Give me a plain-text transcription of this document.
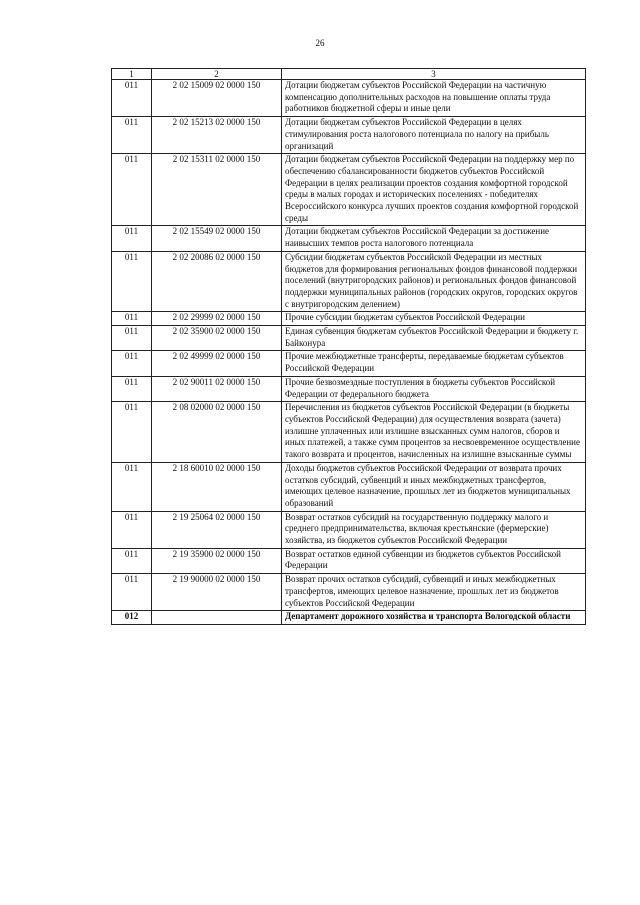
26
1	2	3
011	2 02 15009 02 0000 150	Дотации бюджетам субъектов Российской Федерации на частичную компенсацию дополнительных расходов на повышение оплаты труда работников бюджетной сферы и иные цели
011	2 02 15213 02 0000 150	Дотации бюджетам субъектов Российской Федерации в целях стимулирования роста налогового потенциала по налогу на прибыль организаций
011	2 02 15311 02 0000 150	Дотации бюджетам субъектов Российской Федерации на поддержку мер по обеспечению сбалансированности бюджетов субъектов Российской Федерации в целях реализации проектов создания комфортной городской среды в малых городах и исторических поселениях - победителях Всероссийского конкурса лучших проектов создания комфортной городской среды
011	2 02 15549 02 0000 150	Дотации бюджетам субъектов Российской Федерации за достижение наивысших темпов роста налогового потенциала
011	2 02 20086 02 0000 150	Субсидии бюджетам субъектов Российской Федерации из местных бюджетов для формирования региональных фондов финансовой поддержки поселений (внутригородских районов) и региональных фондов финансовой поддержки муниципальных районов (городских округов, городских округов с внутригородским делением)
011	2 02 29999 02 0000 150	Прочие субсидии бюджетам субъектов Российской Федерации
011	2 02 35900 02 0000 150	Единая субвенция бюджетам субъектов Российской Федерации и бюджету г. Байконура
011	2 02 49999 02 0000 150	Прочие межбюджетные трансферты, передаваемые бюджетам субъектов Российской Федерации
011	2 02 90011 02 0000 150	Прочие безвозмездные поступления в бюджеты субъектов Российской Федерации от федерального бюджета
011	2 08 02000 02 0000 150	Перечисления из бюджетов субъектов Российской Федерации (в бюджеты субъектов Российской Федерации) для осуществления возврата (зачета) излишне уплаченных или излишне взысканных сумм налогов, сборов и иных платежей, а также сумм процентов за несвоевременное осуществление такого возврата и процентов, начисленных на излишне взысканные суммы
011	2 18 60010 02 0000 150	Доходы бюджетов субъектов Российской Федерации от возврата прочих остатков субсидий, субвенций и иных межбюджетных трансфертов, имеющих целевое назначение, прошлых лет из бюджетов муниципальных образований
011	2 19 25064 02 0000 150	Возврат остатков субсидий на государственную поддержку малого и среднего предпринимательства, включая крестьянские (фермерские) хозяйства, из бюджетов субъектов Российской Федерации
011	2 19 35900 02 0000 150	Возврат остатков единой субвенции из бюджетов субъектов Российской Федерации
011	2 19 90000 02 0000 150	Возврат прочих остатков субсидий, субвенций и иных межбюджетных трансфертов, имеющих целевое назначение, прошлых лет из бюджетов субъектов Российской Федерации
012		Департамент дорожного хозяйства и транспорта Вологодской области
